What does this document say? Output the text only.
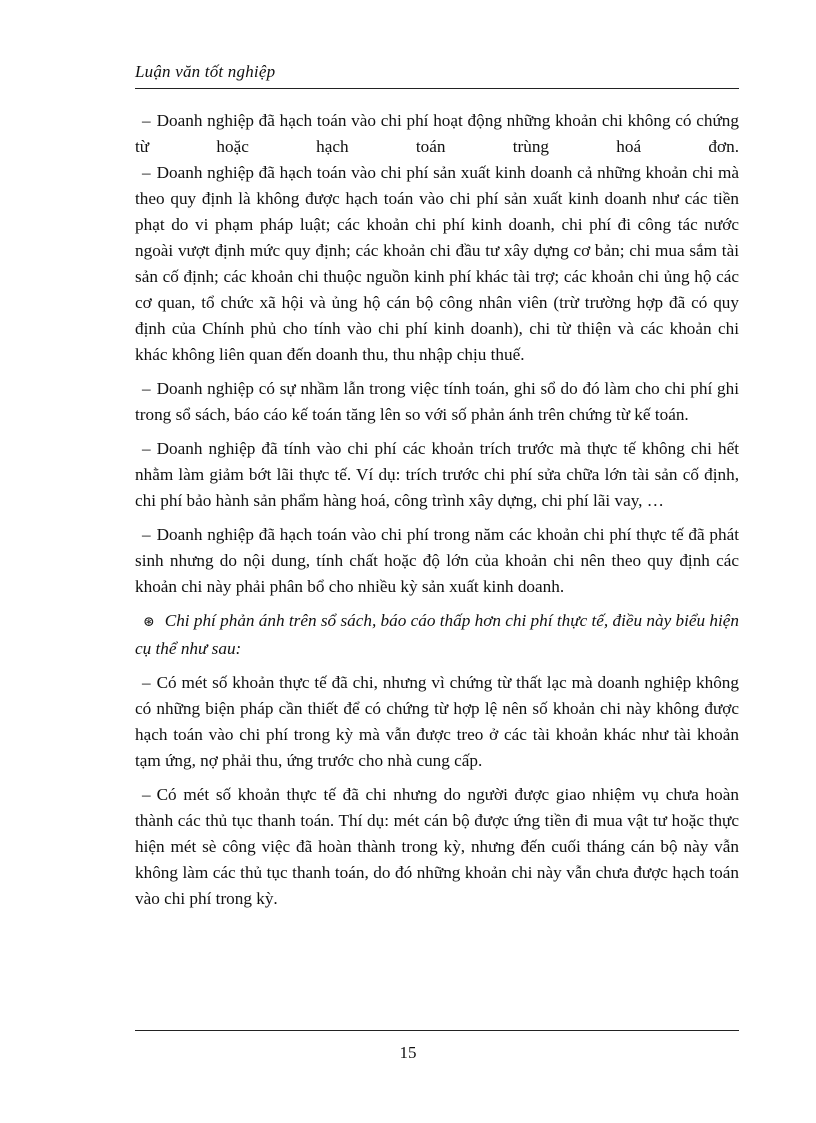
Luận văn tốt nghiệp

– Doanh nghiệp đã hạch toán vào chi phí hoạt động những khoản chi không có chứng từ hoặc hạch toán trùng hoá đơn.

– Doanh nghiệp đã hạch toán vào chi phí sản xuất kinh doanh cả những khoản chi mà theo quy định là không được hạch toán vào chi phí sản xuất kinh doanh như các tiền phạt do vi phạm pháp luật; các khoản chi phí kinh doanh, chi phí đi công tác nước ngoài vượt định mức quy định; các khoản chi đầu tư xây dựng cơ bản; chi mua sắm tài sản cố định; các khoản chi thuộc nguồn kinh phí khác tài trợ; các khoản chi ủng hộ các cơ quan, tổ chức xã hội và ủng hộ cán bộ công nhân viên (trừ trường hợp đã có quy định của Chính phủ cho tính vào chi phí kinh doanh), chi từ thiện và các khoản chi khác không liên quan đến doanh thu, thu nhập chịu thuế.

– Doanh nghiệp có sự nhầm lẫn trong việc tính toán, ghi sổ do đó làm cho chi phí ghi trong sổ sách, báo cáo kế toán tăng lên so với số phản ánh trên chứng từ kế toán.

– Doanh nghiệp đã tính vào chi phí các khoản trích trước mà thực tế không chi hết nhằm làm giảm bớt lãi thực tế. Ví dụ: trích trước chi phí sửa chữa lớn tài sản cố định, chi phí bảo hành sản phẩm hàng hoá, công trình xây dựng, chi phí lãi vay, …

– Doanh nghiệp đã hạch toán vào chi phí trong năm các khoản chi phí thực tế đã phát sinh nhưng do nội dung, tính chất hoặc độ lớn của khoản chi nên theo quy định các khoản chi này phải phân bổ cho nhiều kỳ sản xuất kinh doanh.

⊛ Chi phí phản ánh trên sổ sách, báo cáo thấp hơn chi phí thực tế, điều này biểu hiện cụ thể như sau:

– Có mét số khoản thực tế đã chi, nhưng vì chứng từ thất lạc mà doanh nghiệp không có những biện pháp cần thiết để có chứng từ hợp lệ nên số khoản chi này không được hạch toán vào chi phí trong kỳ mà vẫn được treo ở các tài khoản khác như tài khoản tạm ứng, nợ phải thu, ứng trước cho nhà cung cấp.

– Có mét số khoản thực tế đã chi nhưng do người được giao nhiệm vụ chưa hoàn thành các thủ tục thanh toán. Thí dụ: mét cán bộ được ứng tiền đi mua vật tư hoặc thực hiện mét sè công việc đã hoàn thành trong kỳ, nhưng đến cuối tháng cán bộ này vẫn không làm các thủ tục thanh toán, do đó những khoản chi này vẫn chưa được hạch toán vào chi phí trong kỳ.

15
